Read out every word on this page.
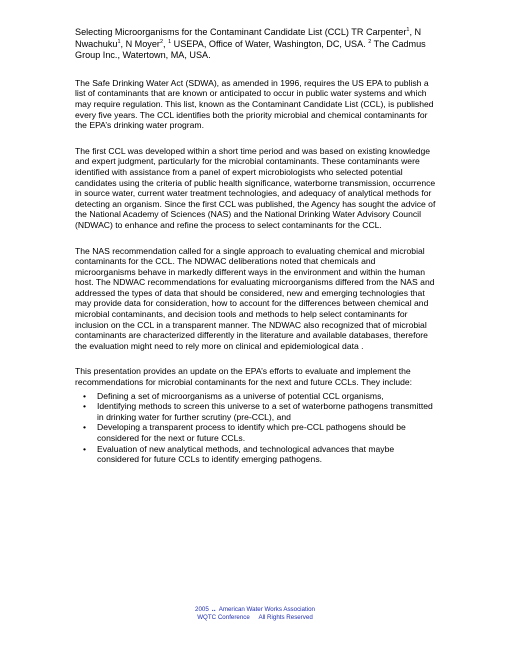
Selecting Microorganisms for the Contaminant Candidate List (CCL) TR Carpenter$^1$, N Nwachuku$^1$, N Moyer$^2$, $^1$ USEPA, Office of Water, Washington, DC, USA. $^2$ The Cadmus Group Inc., Watertown, MA, USA.

The Safe Drinking Water Act (SDWA), as amended in 1996, requires the US EPA to publish a list of contaminants that are known or anticipated to occur in public water systems and which may require regulation. This list, known as the Contaminant Candidate List (CCL), is published every five years. The CCL identifies both the priority microbial and chemical contaminants for the EPA’s drinking water program.

The first CCL was developed within a short time period and was based on existing knowledge and expert judgment, particularly for the microbial contaminants. These contaminants were identified with assistance from a panel of expert microbiologists who selected potential candidates using the criteria of public health significance, waterborne transmission, occurrence in source water, current water treatment technologies, and adequacy of analytical methods for detecting an organism. Since the first CCL was published, the Agency has sought the advice of the National Academy of Sciences (NAS) and the National Drinking Water Advisory Council (NDWAC) to enhance and refine the process to select contaminants for the CCL.

The NAS recommendation called for a single approach to evaluating chemical and microbial contaminants for the CCL. The NDWAC deliberations noted that chemicals and microorganisms behave in markedly different ways in the environment and within the human host. The NDWAC recommendations for evaluating microorganisms differed from the NAS and addressed the types of data that should be considered, new and emerging technologies that may provide data for consideration, how to account for the differences between chemical and microbial contaminants, and decision tools and methods to help select contaminants for inclusion on the CCL in a transparent manner. The NDWAC also recognized that of microbial contaminants are characterized differently in the literature and available databases, therefore the evaluation might need to rely more on clinical and epidemiological data .

This presentation provides an update on the EPA’s efforts to evaluate and implement the recommendations for microbial contaminants for the next and future CCLs. They include:

• Defining a set of microorganisms as a universe of potential CCL organisms,
• Identifying methods to screen this universe to a set of waterborne pathogens transmitted in drinking water for further scrutiny (pre-CCL), and
• Developing a transparent process to identify which pre-CCL pathogens should be considered for the next or future CCLs.
• Evaluation of new analytical methods, and technological advances that maybe considered for future CCLs to identify emerging pathogens.
2005 .. American Water Works Association
WQTC Conference All Rights Reserved
